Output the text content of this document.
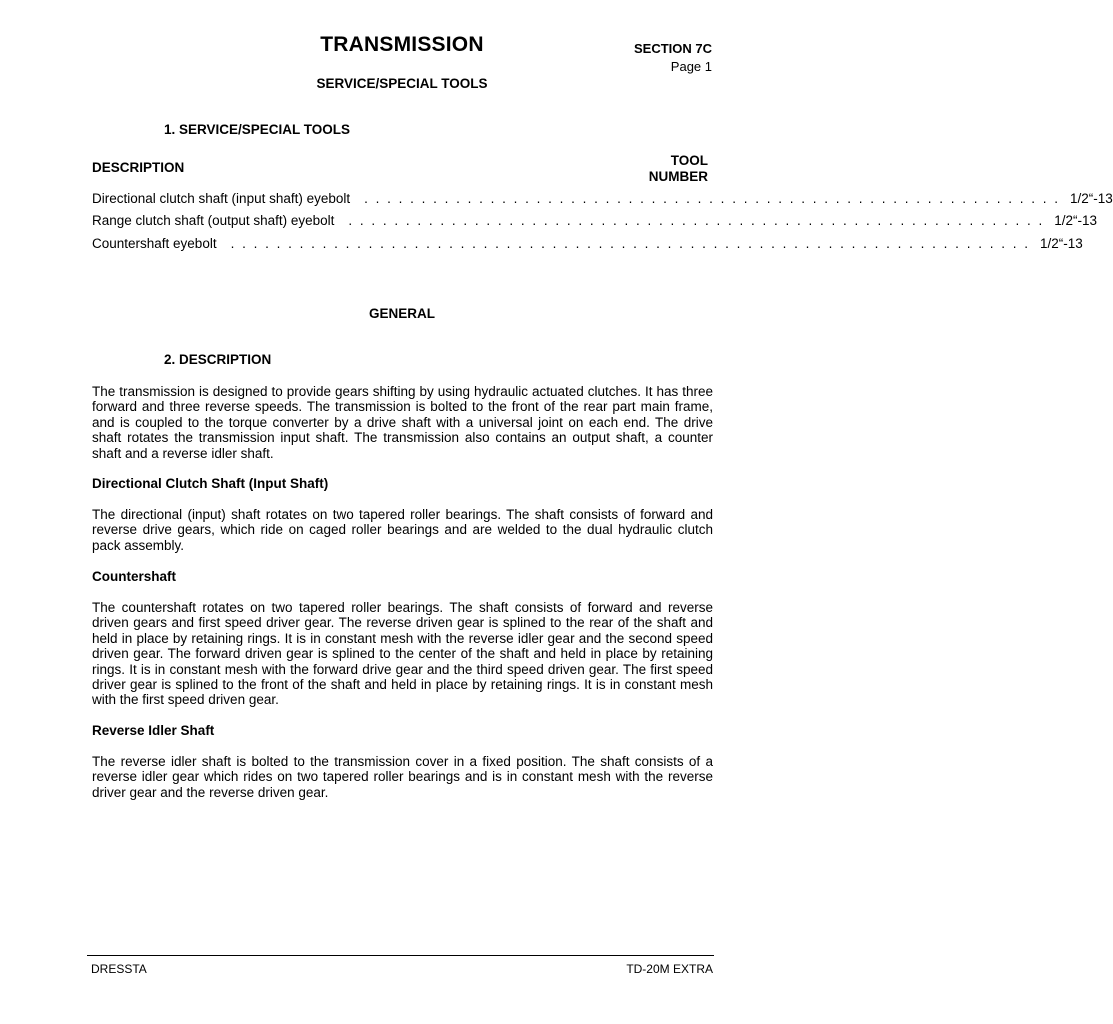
TRANSMISSION	SECTION 7C
Page 1
SERVICE/SPECIAL TOOLS
1. SERVICE/SPECIAL TOOLS
DESCRIPTION	TOOL
NUMBER
Directional clutch shaft (input shaft) eyebolt . . . . . . . . . . . . . . . . . . . . . . . . . . . . . . . . . . . . . . . . . . . . . . . . . . . . . . . . . . . . . 1/2“-13
Range clutch shaft (output shaft) eyebolt . . . . . . . . . . . . . . . . . . . . . . . . . . . . . . . . . . . . . . . . . . . . . . . . . . . . . . . . . . . . . 1/2“-13
Countershaft eyebolt . . . . . . . . . . . . . . . . . . . . . . . . . . . . . . . . . . . . . . . . . . . . . . . . . . . . . . . . . . . . . . . . . . . . . . 1/2“-13
GENERAL
2. DESCRIPTION
The transmission is designed to provide gears shifting by using hydraulic actuated clutches. It has three forward and three reverse speeds. The transmission is bolted to the front of the rear part main frame, and is coupled to the torque converter by a drive shaft with a universal joint on each end. The drive shaft rotates the transmission input shaft. The transmission also contains an output shaft, a counter shaft and a reverse idler shaft.
Directional Clutch Shaft (Input Shaft)
The directional (input) shaft rotates on two tapered roller bearings. The shaft consists of forward and reverse drive gears, which ride on caged roller bearings and are welded to the dual hydraulic clutch pack assembly.
Countershaft
The countershaft rotates on two tapered roller bearings. The shaft consists of forward and reverse driven gears and first speed driver gear. The reverse driven gear is splined to the rear of the shaft and held in place by retaining rings. It is in constant mesh with the reverse idler gear and the second speed driven gear. The forward driven gear is splined to the center of the shaft and held in place by retaining rings. It is in constant mesh with the forward drive gear and the third speed driven gear. The first speed driver gear is splined to the front of the shaft and held in place by retaining rings. It is in constant mesh with the first speed driven gear.
Reverse Idler Shaft
The reverse idler shaft is bolted to the transmission cover in a fixed position. The shaft consists of a reverse idler gear which rides on two tapered roller bearings and is in constant mesh with the reverse driver gear and the reverse driven gear.
DRESSTA	TD-20M EXTRA
